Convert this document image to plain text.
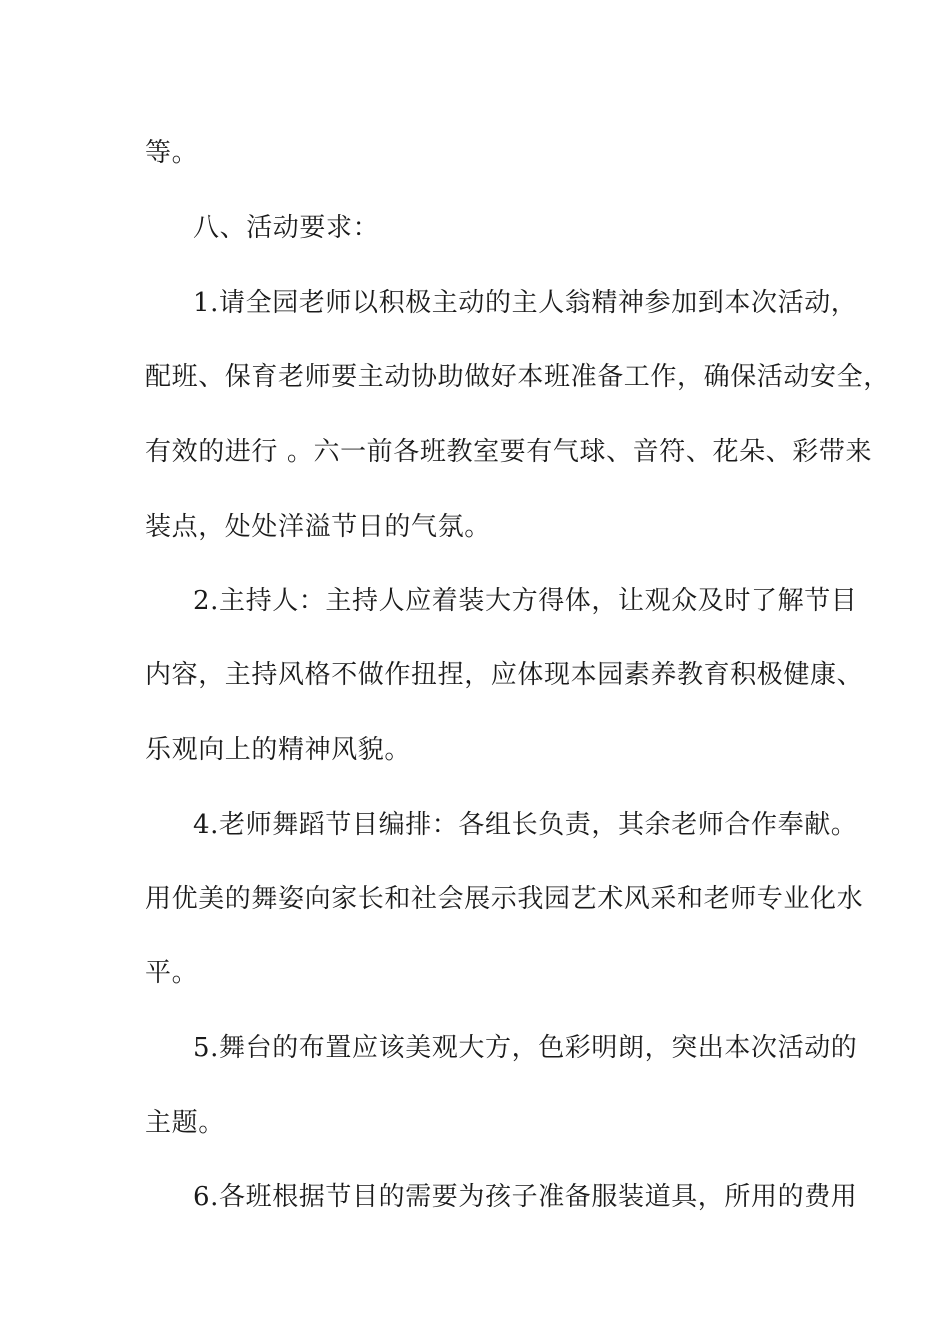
等。
八、活动要求：
1.请全园老师以积极主动的主人翁精神参加到本次活动，
配班、保育老师要主动协助做好本班准备工作，确保活动安全，
有效的进行 。六一前各班教室要有气球、音符、花朵、彩带来
装点，处处洋溢节日的气氛。
2.主持人：主持人应着装大方得体，让观众及时了解节目
内容，主持风格不做作扭捏，应体现本园素养教育积极健康、
乐观向上的精神风貌。
4.老师舞蹈节目编排：各组长负责，其余老师合作奉献。
用优美的舞姿向家长和社会展示我园艺术风采和老师专业化水
平。
5.舞台的布置应该美观大方，色彩明朗，突出本次活动的
主题。
6.各班根据节目的需要为孩子准备服装道具，所用的费用
